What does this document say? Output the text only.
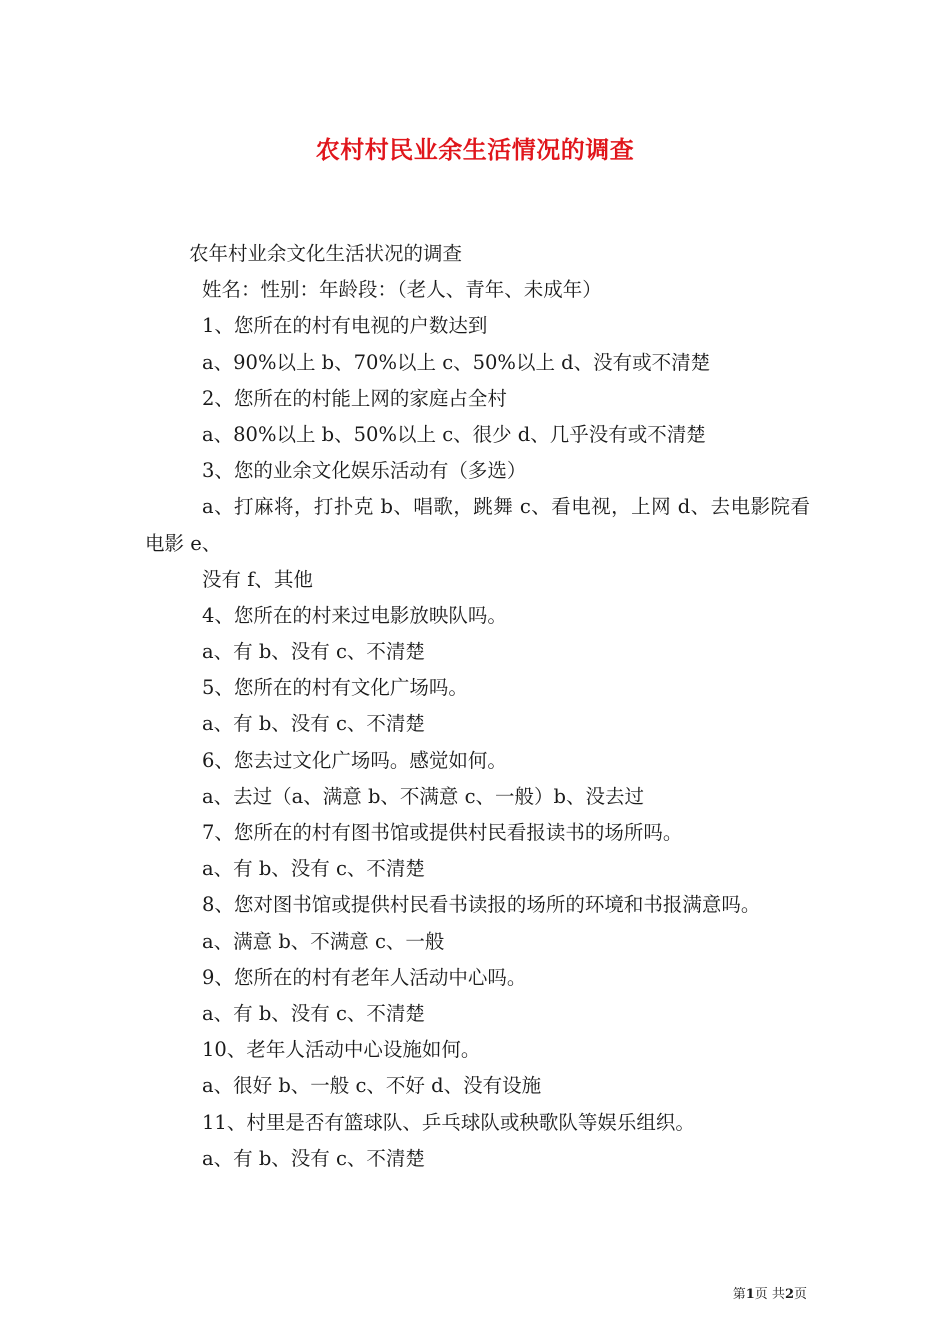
农村村民业余生活情况的调查

农年村业余文化生活状况的调查

姓名：性别：年龄段：（老人、青年、未成年）

1、您所在的村有电视的户数达到

a、90%以上 b、70%以上 c、50%以上 d、没有或不清楚

2、您所在的村能上网的家庭占全村

a、80%以上 b、50%以上 c、很少 d、几乎没有或不清楚

3、您的业余文化娱乐活动有（多选）

a、打麻将，打扑克 b、唱歌，跳舞 c、看电视，上网 d、去电影院看电影 e、

没有 f、其他

4、您所在的村来过电影放映队吗。

a、有 b、没有 c、不清楚

5、您所在的村有文化广场吗。

a、有 b、没有 c、不清楚

6、您去过文化广场吗。感觉如何。

a、去过（a、满意 b、不满意 c、一般）b、没去过

7、您所在的村有图书馆或提供村民看报读书的场所吗。

a、有 b、没有 c、不清楚

8、您对图书馆或提供村民看书读报的场所的环境和书报满意吗。

a、满意 b、不满意 c、一般

9、您所在的村有老年人活动中心吗。

a、有 b、没有 c、不清楚

10、老年人活动中心设施如何。

a、很好 b、一般 c、不好 d、没有设施

11、村里是否有篮球队、乒乓球队或秧歌队等娱乐组织。

a、有 b、没有 c、不清楚

第1页 共2页
